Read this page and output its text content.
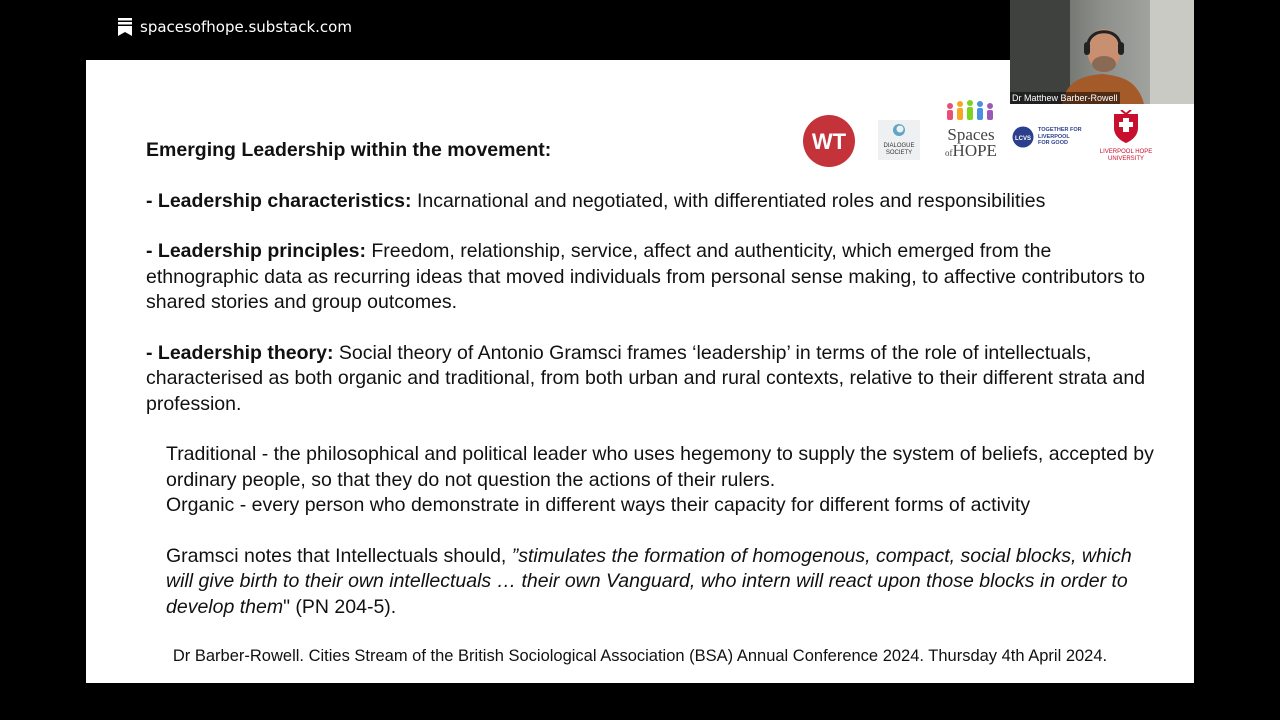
spacesofhope.substack.com
WT	DIALOGUE SOCIETY
Spaces
ofHOPE
LCVS
TOGETHER FOR LIVERPOOL FOR GOOD
LIVERPOOL HOPE UNIVERSITY

Emerging Leadership within the movement:

- Leadership characteristics: Incarnational and negotiated, with differentiated roles and responsibilities

- Leadership principles: Freedom, relationship, service, affect and authenticity, which emerged from the ethnographic data as recurring ideas that moved individuals from personal sense making, to affective contributors to shared stories and group outcomes.

- Leadership theory: Social theory of Antonio Gramsci frames ‘leadership’ in terms of the role of intellectuals, characterised as both organic and traditional, from both urban and rural contexts, relative to their different strata and profession.

Traditional - the philosophical and political leader who uses hegemony to supply the system of beliefs, accepted by ordinary people, so that they do not question the actions of their rulers.

Organic - every person who demonstrate in different ways their capacity for different forms of activity

Gramsci notes that Intellectuals should, ”stimulates the formation of homogenous, compact, social blocks, which will give birth to their own intellectuals … their own Vanguard, who intern will react upon those blocks in order to develop them" (PN 204-5).

Dr Barber-Rowell. Cities Stream of the British Sociological Association (BSA) Annual Conference 2024. Thursday 4th April 2024.
Dr Matthew Barber-Rowell
